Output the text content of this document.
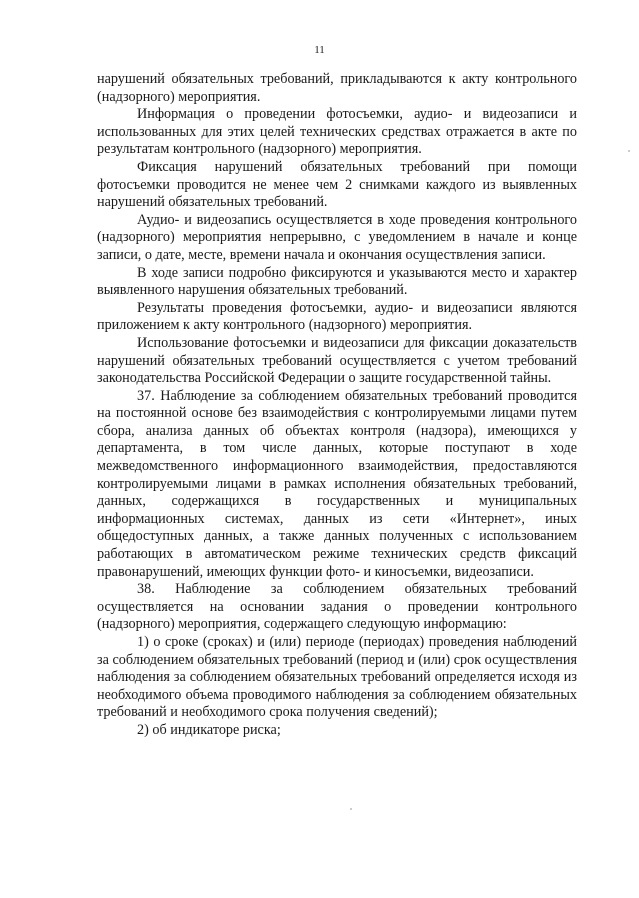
11

нарушений обязательных требований, прикладываются к акту контрольного (надзорного) мероприятия.

Информация о проведении фотосъемки, аудио- и видеозаписи и использованных для этих целей технических средствах отражается в акте по результатам контрольного (надзорного) мероприятия.

Фиксация нарушений обязательных требований при помощи фотосъемки проводится не менее чем 2 снимками каждого из выявленных нарушений обязательных требований.

Аудио- и видеозапись осуществляется в ходе проведения контрольного (надзорного) мероприятия непрерывно, с уведомлением в начале и конце записи, о дате, месте, времени начала и окончания осуществления записи.

В ходе записи подробно фиксируются и указываются место и характер выявленного нарушения обязательных требований.

Результаты проведения фотосъемки, аудио- и видеозаписи являются приложением к акту контрольного (надзорного) мероприятия.

Использование фотосъемки и видеозаписи для фиксации доказательств нарушений обязательных требований осуществляется с учетом требований законодательства Российской Федерации о защите государственной тайны.

37. Наблюдение за соблюдением обязательных требований проводится на постоянной основе без взаимодействия с контролируемыми лицами путем сбора, анализа данных об объектах контроля (надзора), имеющихся у департамента, в том числе данных, которые поступают в ходе межведомственного информационного взаимодействия, предоставляются контролируемыми лицами в рамках исполнения обязательных требований, данных, содержащихся в государственных и муниципальных информационных системах, данных из сети «Интернет», иных общедоступных данных, а также данных полученных с использованием работающих в автоматическом режиме технических средств фиксаций правонарушений, имеющих функции фото- и киносъемки, видеозаписи.

38. Наблюдение за соблюдением обязательных требований осуществляется на основании задания о проведении контрольного (надзорного) мероприятия, содержащего следующую информацию:

1) о сроке (сроках) и (или) периоде (периодах) проведения наблюдений за соблюдением обязательных требований (период и (или) срок осуществления наблюдения за соблюдением обязательных требований определяется исходя из необходимого объема проводимого наблюдения за соблюдением обязательных требований и необходимого срока получения сведений);

2) об индикаторе риска;
